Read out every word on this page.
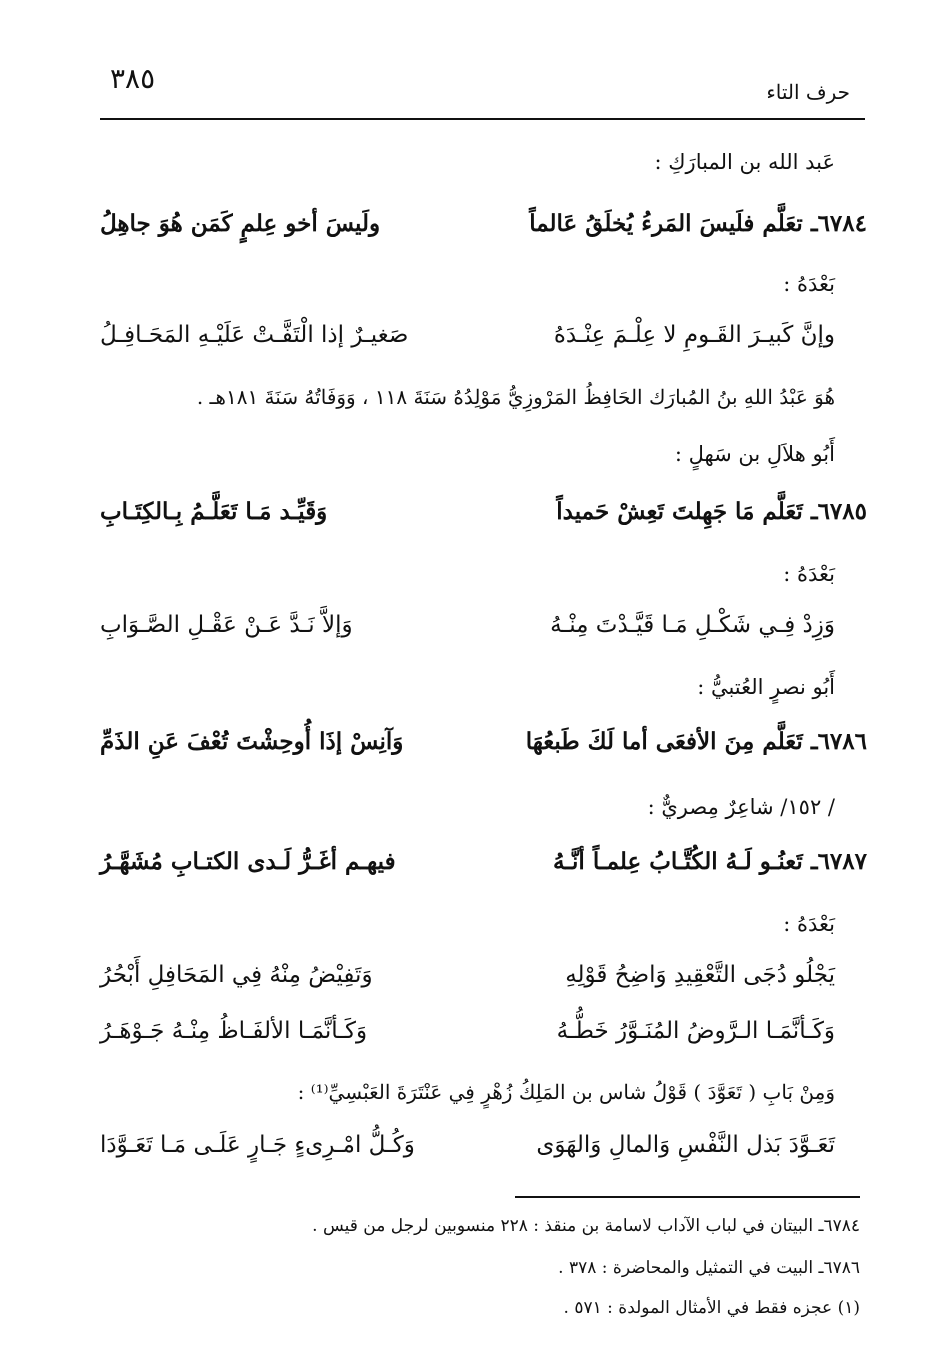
٣٨٥	حرف التاء
عَبد الله بن المبارَكِ :
٦٧٨٤ـ تعَلَّم فلَيسَ المَرءُ يُخلَقُ عَالماً
ولَيسَ أخو عِلمٍ كَمَن هُوَ جاهِلُ
بَعْدَهُ :
وإنَّ كَبيـرَ القَـومِ لا عِلْـمَ عِنْـدَهُ
صَغيـرٌ إذا الْتَفَّـتْ عَلَيْـهِ المَحَـافِـلُ
هُوَ عَبْدُ اللهِ بنُ المُبارَك الحَافِظُ المَرْوزِيُّ مَوْلِدُهُ سَنَةَ ١١٨ ، وَوَفَاتُهُ سَنَةَ ١٨١هـ .
أَبُو هلاَلِ بن سَهلٍ :
٦٧٨٥ـ تَعَلَّم مَا جَهِلتَ تَعِشْ حَميداً
وَقَيِّـد مَـا تَعَلَّـمُ بِـالكِتَـابِ
بَعْدَهُ :
وَزِدْ فِـي شَكْـلِ مَـا قَيَّـدْتَ مِنْـهُ
وَإلاَّ نَـدَّ عَـنْ عَقْـلِ الصَّـوَابِ
أَبُو نصرٍ العُتبيُّ :
٦٧٨٦ـ تَعَلَّم مِنَ الأفعَى أما لَكَ طَبعُهَا
وَآنِسْ إذَا أُوحِشْتَ تُعْفَ عَنِ الذَمِّ
/ ١٥٢/ شاعِرٌ مِصريٌّ :
٦٧٨٧ـ تَعنُـو لَـهُ الكُتَّـابُ عِلمـاً أنَّـهُ
فيهـم أغَـرُّ لَـدى الكتـابِ مُشَهَّـرُ
بَعْدَهُ :
يَجْلُو دُجَى التَّعْقِيدِ وَاضِحُ قَوْلِهِ
وَتَفِيْضُ مِنْهُ فِي المَحَافِلِ أَبْحُرُ
وَكَـأنَّمَـا الـرَّوضُ المُنَـوَّرُ خَطُّـهُ
وَكَـأنَّمَـا الألفَـاظُ مِنْـهُ جَـوْهَـرُ
وَمِنْ بَابِ ( تَعَوَّدَ ) قَوْلُ شاس بن المَلِكُ زُهْرٍ فِي عَنْتَرَةَ العَبْسِيِّ⁽¹⁾ :
تَعَـوَّدَ بَذل النَّفْسِ وَالمالِ وَالهَوَى
وَكُـلُّ امْـرِىءٍ جَـارٍ عَلَـى مَـا تَعَـوَّدَا
٦٧٨٤ـ البيتان في لباب الآداب لاسامة بن منقذ : ٢٢٨ منسوبين لرجل من قيس .
٦٧٨٦ـ البيت في التمثيل والمحاضرة : ٣٧٨ .
(١) عجزه فقط في الأمثال المولدة : ٥٧١ .
